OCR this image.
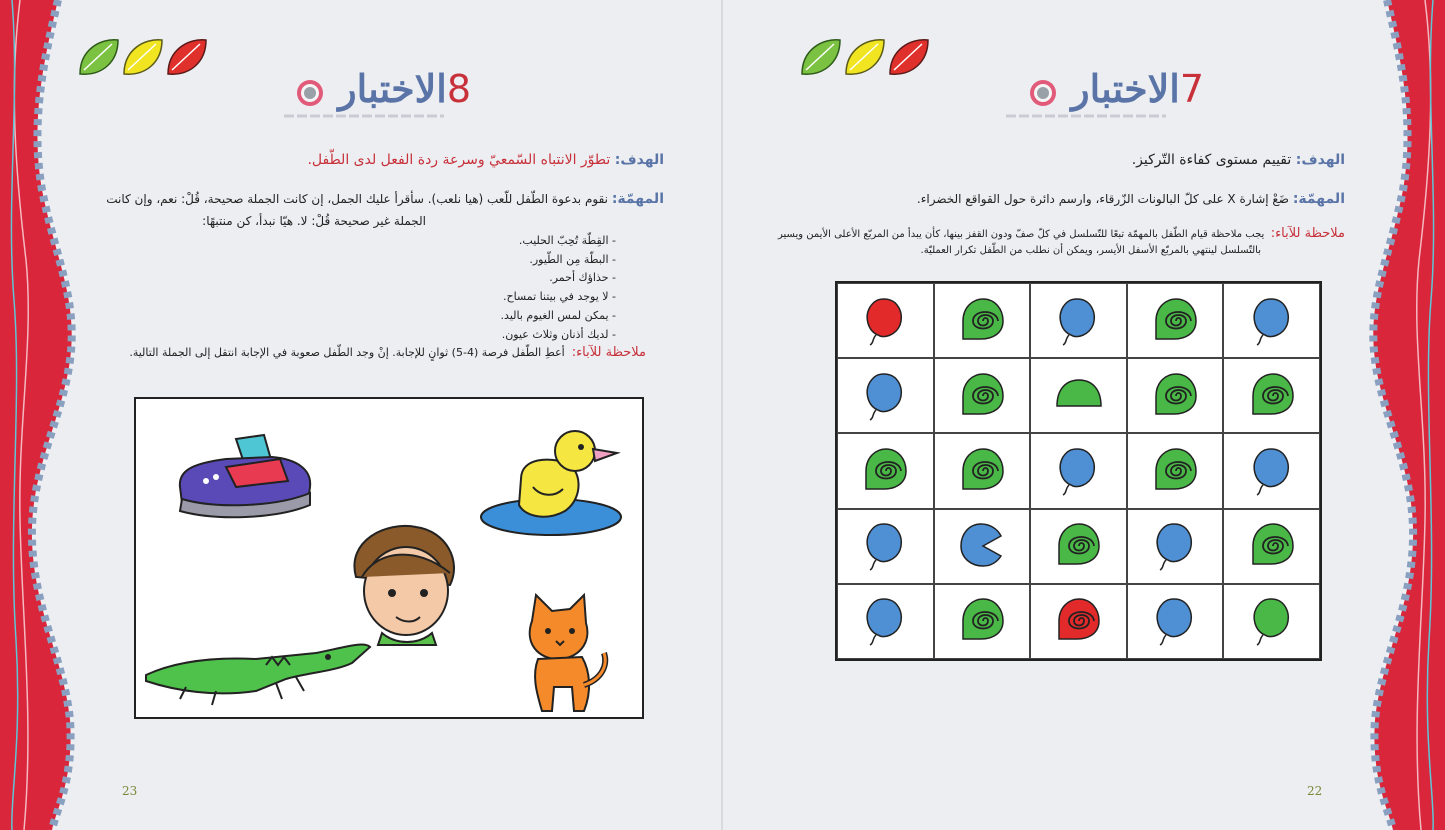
8الاختبار
الهدف: تطوّر الانتباه السّمعيّ وسرعة ردة الفعل لدى الطّفل.
المهمّة: نقوم بدعوة الطّفل للّعب (هيا نلعب). سأقرأ عليك الجمل، إن كانت الجملة صحيحة، قُلْ: نعم، وإن كانت
الجملة غير صحيحة قُلْ: لا. هيّا نبدأ، كن منتبهًا:
- القِطّة تُحِبّ الحليب.
- البطّة مِن الطّيور.
- حذاؤك أحمر.
- لا يوجد في بيتنا تمساح.
- يمكن لمس الغيوم باليد.
- لديك أذنان وثلاث عيون.
ملاحظة للآباء:  أعطِ الطّفل فرصة (4-5) ثوانٍ للإجابة. إنْ وجد الطّفل صعوبة في الإجابة انتقل إلى الجملة التالية.
23
7الاختبار
الهدف: تقييم مستوى كفاءة التّركيز.
المهمّة: ضَعْ إشارة X على كلّ البالونات الزّرقاء، وارسم دائرة حول القواقع الخضراء.
ملاحظة للآباء:  يجب ملاحظة قيام الطّفل بالمهمّة تبعًا للتّسلسل في كلّ صفّ ودون القفز بينها، كأن يبدأ من المربّع الأعلى الأيمن ويسير
بالتّسلسل لينتهي بالمربّع الأسفل الأيسر، ويمكن أن نطلب من الطّفل تكرار العمليّة.
22
